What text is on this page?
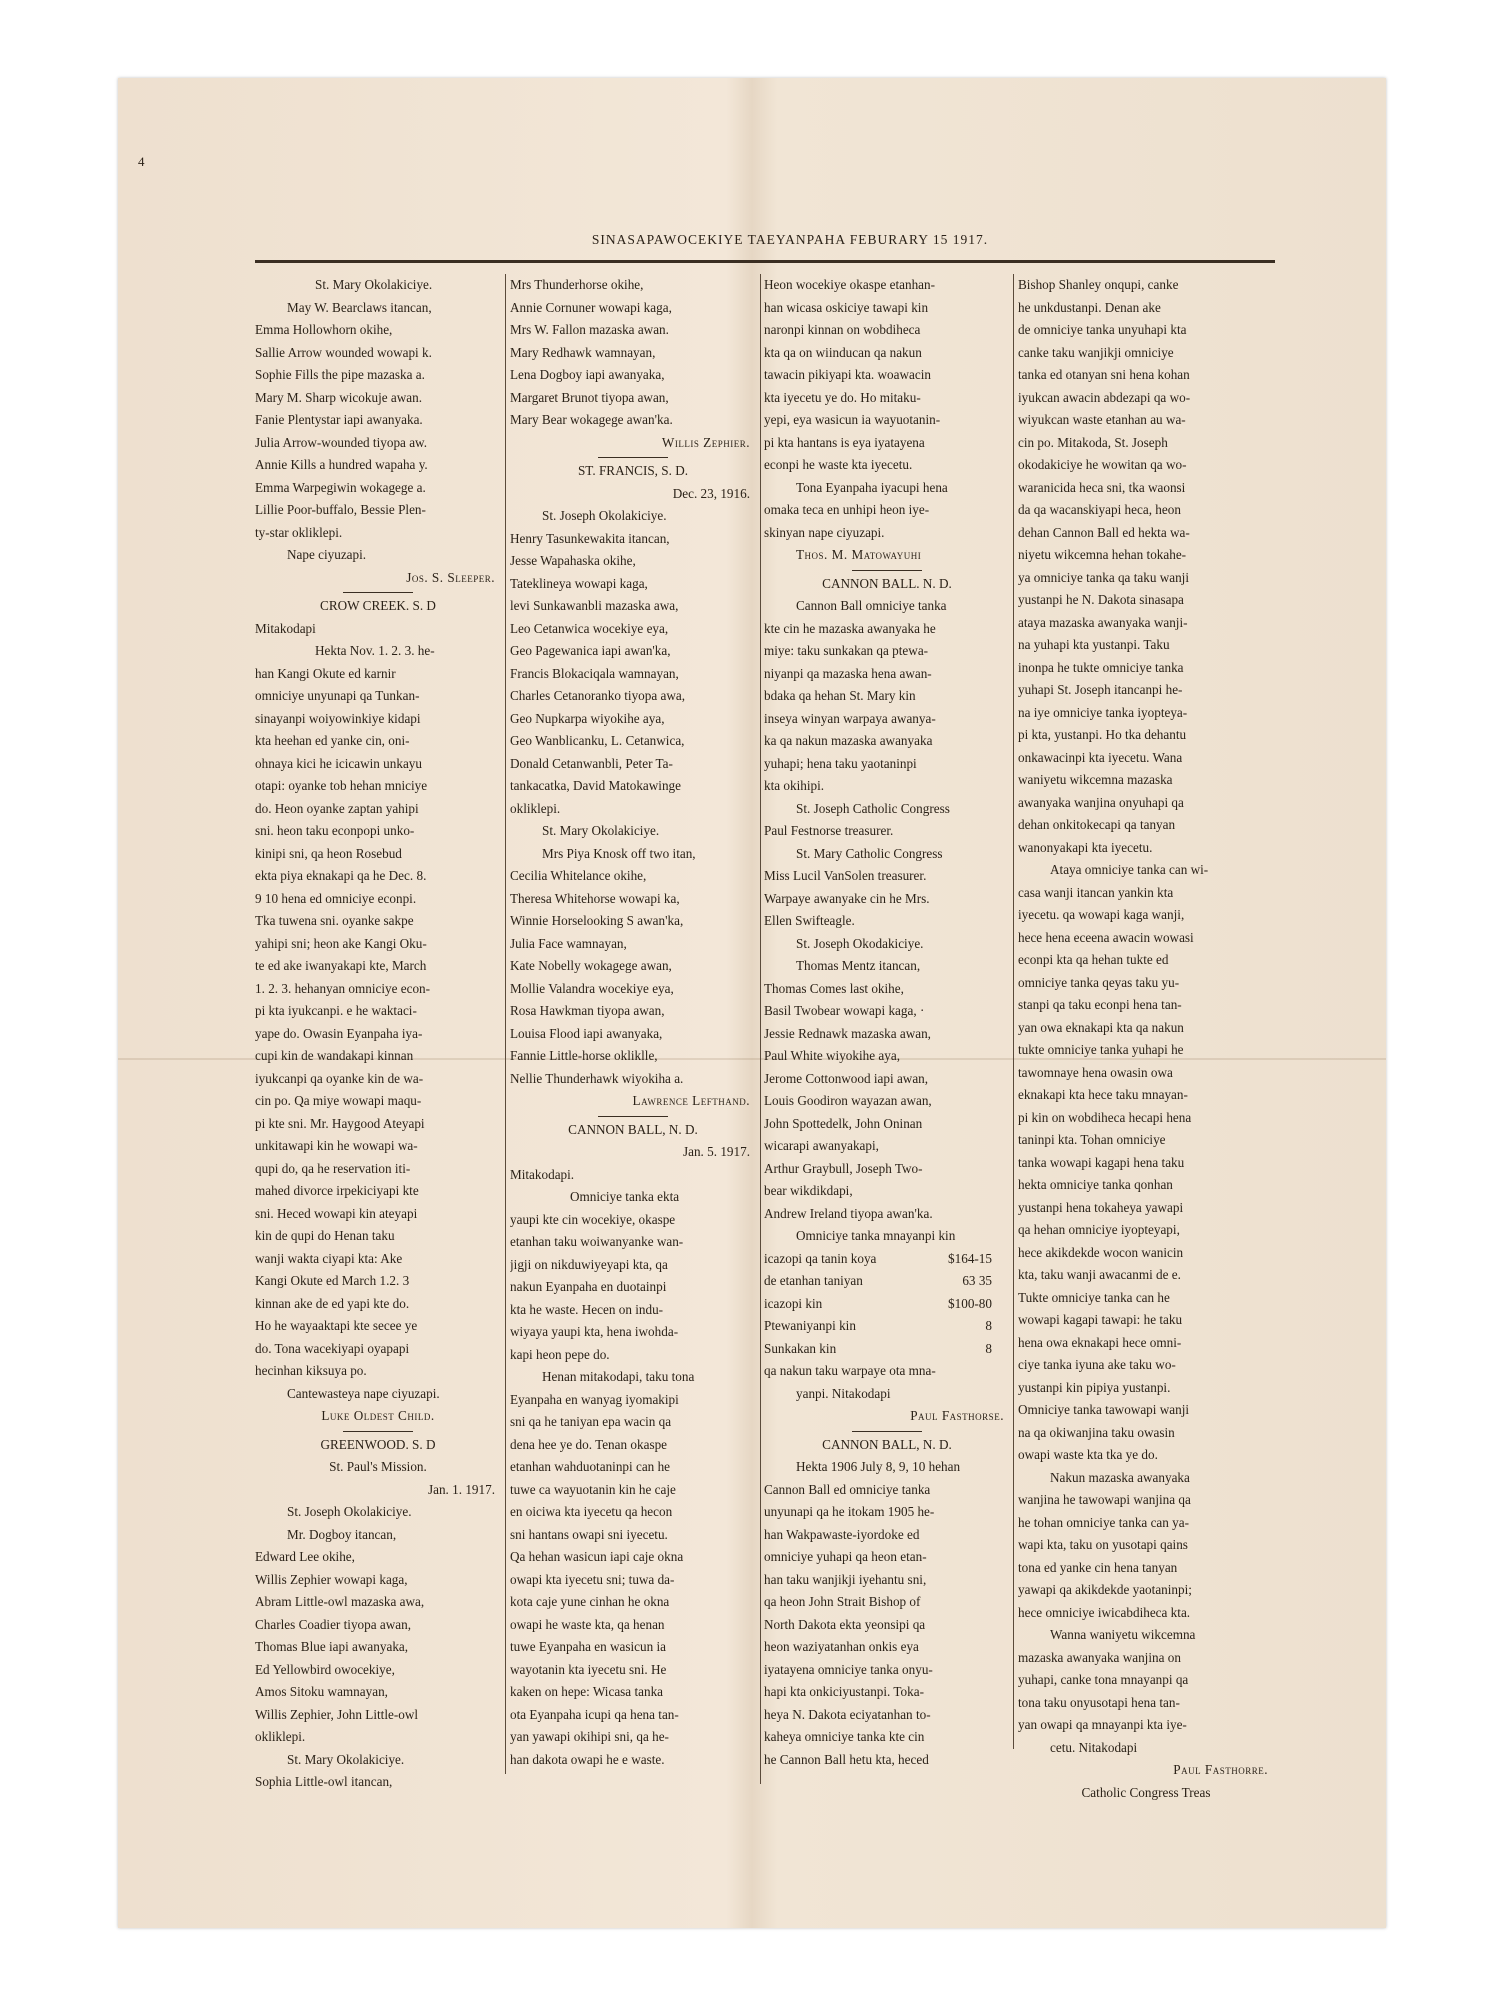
4
SINASAPAWOCEKIYE TAEYANPAHA FEBURARY 15 1917.
St. Mary Okolakiciye.
May W. Bearclaws itancan,
Emma Hollowhorn okihe,
Sallie Arrow wounded wowapi k.
Sophie Fills the pipe mazaska a.
Mary M. Sharp wicokuje awan.
Fanie Plentystar iapi awanyaka.
Julia Arrow-wounded tiyopa aw.
Annie Kills a hundred wapaha y.
Emma Warpegiwin wokagege a.
Lillie Poor-buffalo, Bessie Plen-
ty-star okliklepi.
Nape ciyuzapi.
Jos. S. Sleeper.
CROW CREEK. S. D
Mitakodapi
Hekta Nov. 1. 2. 3. he-
han Kangi Okute ed karnir
omniciye unyunapi qa Tunkan-
sinayanpi woiyowinkiye kidapi
kta heehan ed yanke cin, oni-
ohnaya kici he icicawin unkayu
otapi: oyanke tob hehan mniciye
do. Heon oyanke zaptan yahipi
sni. heon taku econpopi unko-
kinipi sni, qa heon Rosebud
ekta piya eknakapi qa he Dec. 8.
9 10 hena ed omniciye econpi.
Tka tuwena sni. oyanke sakpe
yahipi sni; heon ake Kangi Oku-
te ed ake iwanyakapi kte, March
1. 2. 3. hehanyan omniciye econ-
pi kta iyukcanpi. e he waktaci-
yape do. Owasin Eyanpaha iya-
cupi kin de wandakapi kinnan
iyukcanpi qa oyanke kin de wa-
cin po. Qa miye wowapi maqu-
pi kte sni. Mr. Haygood Ateyapi
unkitawapi kin he wowapi wa-
qupi do, qa he reservation iti-
mahed divorce irpekiciyapi kte
sni. Heced wowapi kin ateyapi
kin de qupi do Henan taku
wanji wakta ciyapi kta: Ake
Kangi Okute ed March 1.2. 3
kinnan ake de ed yapi kte do.
Ho he wayaaktapi kte secee ye
do. Tona wacekiyapi oyapapi
hecinhan kiksuya po.
Cantewasteya nape ciyuzapi.
Luke Oldest Child.
GREENWOOD. S. D
St. Paul's Mission.
Jan. 1. 1917.
St. Joseph Okolakiciye.
Mr. Dogboy itancan,
Edward Lee okihe,
Willis Zephier wowapi kaga,
Abram Little-owl mazaska awa,
Charles Coadier tiyopa awan,
Thomas Blue iapi awanyaka,
Ed Yellowbird owocekiye,
Amos Sitoku wamnayan,
Willis Zephier, John Little-owl
okliklepi.
St. Mary Okolakiciye.
Sophia Little-owl itancan,
Mrs Thunderhorse okihe,
Annie Cornuner wowapi kaga,
Mrs W. Fallon mazaska awan.
Mary Redhawk wamnayan,
Lena Dogboy iapi awanyaka,
Margaret Brunot tiyopa awan,
Mary Bear wokagege awan'ka.
Willis Zephier.
ST. FRANCIS, S. D.
Dec. 23, 1916.
St. Joseph Okolakiciye.
Henry Tasunkewakita itancan,
Jesse Wapahaska okihe,
Tateklineya wowapi kaga,
levi Sunkawanbli mazaska awa,
Leo Cetanwica wocekiye eya,
Geo Pagewanica iapi awan'ka,
Francis Blokaciqala wamnayan,
Charles Cetanoranko tiyopa awa,
Geo Nupkarpa wiyokihe aya,
Geo Wanblicanku, L. Cetanwica,
Donald Cetanwanbli, Peter Ta-
tankacatka, David Matokawinge
okliklepi.
St. Mary Okolakiciye.
Mrs Piya Knosk off two itan,
Cecilia Whitelance okihe,
Theresa Whitehorse wowapi ka,
Winnie Horselooking S awan'ka,
Julia Face wamnayan,
Kate Nobelly wokagege awan,
Mollie Valandra wocekiye eya,
Rosa Hawkman tiyopa awan,
Louisa Flood iapi awanyaka,
Fannie Little-horse okliklle,
Nellie Thunderhawk wiyokiha a.
Lawrence Lefthand.
CANNON BALL, N. D.
Jan. 5. 1917.
Mitakodapi.
Omniciye tanka ekta
yaupi kte cin wocekiye, okaspe
etanhan taku woiwanyanke wan-
jigji on nikduwiyeyapi kta, qa
nakun Eyanpaha en duotainpi
kta he waste. Hecen on indu-
wiyaya yaupi kta, hena iwohda-
kapi heon pepe do.
Henan mitakodapi, taku tona
Eyanpaha en wanyag iyomakipi
sni qa he taniyan epa wacin qa
dena hee ye do. Tenan okaspe
etanhan wahduotaninpi can he
tuwe ca wayuotanin kin he caje
en oiciwa kta iyecetu qa hecon
sni hantans owapi sni iyecetu.
Qa hehan wasicun iapi caje okna
owapi kta iyecetu sni; tuwa da-
kota caje yune cinhan he okna
owapi he waste kta, qa henan
tuwe Eyanpaha en wasicun ia
wayotanin kta iyecetu sni. He
kaken on hepe: Wicasa tanka
ota Eyanpaha icupi qa hena tan-
yan yawapi okihipi sni, qa he-
han dakota owapi he e waste.
Heon wocekiye okaspe etanhan-
han wicasa oskiciye tawapi kin
naronpi kinnan on wobdiheca
kta qa on wiinducan qa nakun
tawacin pikiyapi kta. woawacin
kta iyecetu ye do. Ho mitaku-
yepi, eya wasicun ia wayuotanin-
pi kta hantans is eya iyatayena
econpi he waste kta iyecetu.
Tona Eyanpaha iyacupi hena
omaka teca en unhipi heon iye-
skinyan nape ciyuzapi.
Thos. M. Matowayuhi
CANNON BALL. N. D.
Cannon Ball omniciye tanka
kte cin he mazaska awanyaka he
miye: taku sunkakan qa ptewa-
niyanpi qa mazaska hena awan-
bdaka qa hehan St. Mary kin
inseya winyan warpaya awanya-
ka qa nakun mazaska awanyaka
yuhapi; hena taku yaotaninpi
kta okihipi.
St. Joseph Catholic Congress
Paul Festnorse treasurer.
St. Mary Catholic Congress
Miss Lucil VanSolen treasurer.
Warpaye awanyake cin he Mrs.
Ellen Swifteagle.
St. Joseph Okodakiciye.
Thomas Mentz itancan,
Thomas Comes last okihe,
Basil Twobear wowapi kaga, ·
Jessie Rednawk mazaska awan,
Paul White wiyokihe aya,
Jerome Cottonwood iapi awan,
Louis Goodiron wayazan awan,
John Spottedelk, John Oninan
wicarapi awanyakapi,
Arthur Graybull, Joseph Two-
bear wikdikdapi,
Andrew Ireland tiyopa awan'ka.
Omniciye tanka mnayanpi kin
icazopi qa tanin koya	$164-15
de etanhan taniyan	63 35
icazopi kin	$100-80
Ptewaniyanpi kin	8
Sunkakan kin	8
qa nakun taku warpaye ota mna-
yanpi. Nitakodapi
Paul Fasthorse.
CANNON BALL, N. D.
Hekta 1906 July 8, 9, 10 hehan
Cannon Ball ed omniciye tanka
unyunapi qa he itokam 1905 he-
han Wakpawaste-iyordoke ed
omniciye yuhapi qa heon etan-
han taku wanjikji iyehantu sni,
qa heon John Strait Bishop of
North Dakota ekta yeonsipi qa
heon waziyatanhan onkis eya
iyatayena omniciye tanka onyu-
hapi kta onkiciyustanpi. Toka-
heya N. Dakota eciyatanhan to-
kaheya omniciye tanka kte cin
he Cannon Ball hetu kta, heced
Bishop Shanley onqupi, canke
he unkdustanpi. Denan ake
de omniciye tanka unyuhapi kta
canke taku wanjikji omniciye
tanka ed otanyan sni hena kohan
iyukcan awacin abdezapi qa wo-
wiyukcan waste etanhan au wa-
cin po. Mitakoda, St. Joseph
okodakiciye he wowitan qa wo-
waranicida heca sni, tka waonsi
da qa wacanskiyapi heca, heon
dehan Cannon Ball ed hekta wa-
niyetu wikcemna hehan tokahe-
ya omniciye tanka qa taku wanji
yustanpi he N. Dakota sinasapa
ataya mazaska awanyaka wanji-
na yuhapi kta yustanpi. Taku
inonpa he tukte omniciye tanka
yuhapi St. Joseph itancanpi he-
na iye omniciye tanka iyopteya-
pi kta, yustanpi. Ho tka dehantu
onkawacinpi kta iyecetu. Wana
waniyetu wikcemna mazaska
awanyaka wanjina onyuhapi qa
dehan onkitokecapi qa tanyan
wanonyakapi kta iyecetu.
Ataya omniciye tanka can wi-
casa wanji itancan yankin kta
iyecetu. qa wowapi kaga wanji,
hece hena eceena awacin wowasi
econpi kta qa hehan tukte ed
omniciye tanka qeyas taku yu-
stanpi qa taku econpi hena tan-
yan owa eknakapi kta qa nakun
tukte omniciye tanka yuhapi he
tawomnaye hena owasin owa
eknakapi kta hece taku mnayan-
pi kin on wobdiheca hecapi hena
taninpi kta. Tohan omniciye
tanka wowapi kagapi hena taku
hekta omniciye tanka qonhan
yustanpi hena tokaheya yawapi
qa hehan omniciye iyopteyapi,
hece akikdekde wocon wanicin
kta, taku wanji awacanmi de e.
Tukte omniciye tanka can he
wowapi kagapi tawapi: he taku
hena owa eknakapi hece omni-
ciye tanka iyuna ake taku wo-
yustanpi kin pipiya yustanpi.
Omniciye tanka tawowapi wanji
na qa okiwanjina taku owasin
owapi waste kta tka ye do.
Nakun mazaska awanyaka
wanjina he tawowapi wanjina qa
he tohan omniciye tanka can ya-
wapi kta, taku on yusotapi qains
tona ed yanke cin hena tanyan
yawapi qa akikdekde yaotaninpi;
hece omniciye iwicabdiheca kta.
Wanna waniyetu wikcemna
mazaska awanyaka wanjina on
yuhapi, canke tona mnayanpi qa
tona taku onyusotapi hena tan-
yan owapi qa mnayanpi kta iye-
cetu. Nitakodapi
Paul Fasthorre.
Catholic Congress Treas
